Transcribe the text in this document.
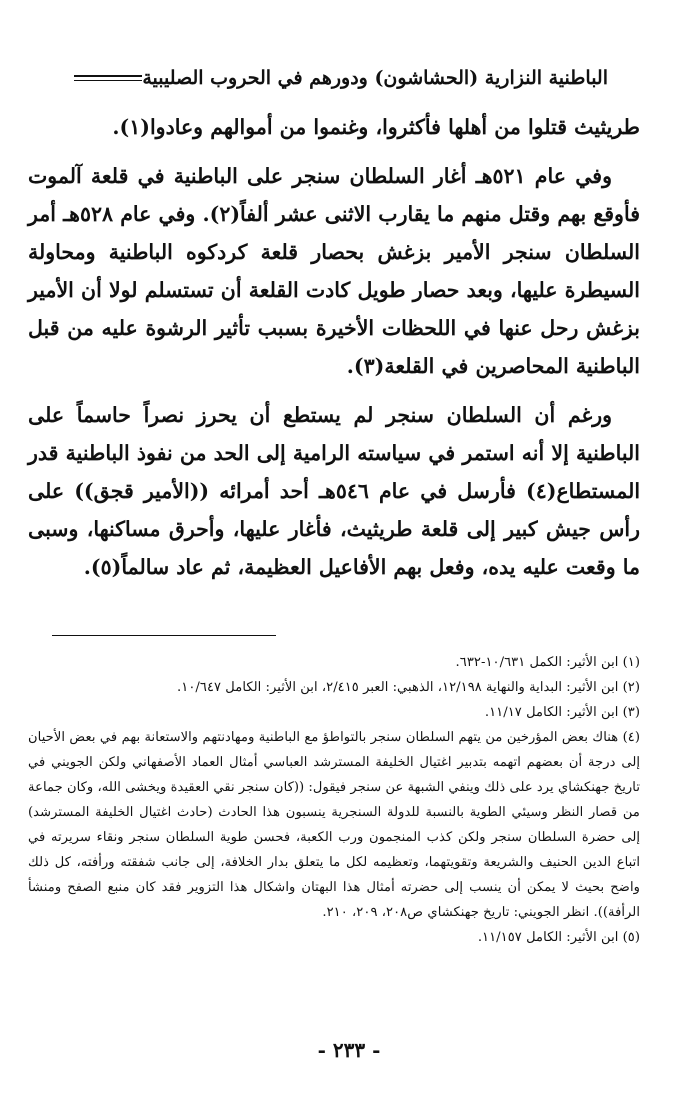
الباطنية النزارية (الحشاشون) ودورهم في الحروب الصليبية

طريثيث قتلوا من أهلها فأكثروا، وغنموا من أموالهم وعادوا(١).

وفي عام ٥٢١هـ أغار السلطان سنجر على الباطنية في قلعة آلموت فأوقع بهم وقتل منهم ما يقارب الاثنى عشر ألفاً(٢). وفي عام ٥٢٨هـ أمر السلطان سنجر الأمير بزغش بحصار قلعة كردكوه الباطنية ومحاولة السيطرة عليها، وبعد حصار طويل كادت القلعة أن تستسلم لولا أن الأمير بزغش رحل عنها في اللحظات الأخيرة بسبب تأثير الرشوة عليه من قبل الباطنية المحاصرين في القلعة(٣).

ورغم أن السلطان سنجر لم يستطع أن يحرز نصراً حاسماً على الباطنية إلا أنه استمر في سياسته الرامية إلى الحد من نفوذ الباطنية قدر المستطاع(٤) فأرسل في عام ٥٤٦هـ أحد أمرائه ((الأمير قجق)) على رأس جيش كبير إلى قلعة طريثيث، فأغار عليها، وأحرق مساكنها، وسبى ما وقعت عليه يده، وفعل بهم الأفاعيل العظيمة، ثم عاد سالماً(٥).

(١) ابن الأثير: الكمل ١٠/٦٣١-٦٣٢.

(٢) ابن الأثير: البداية والنهاية ١٢/١٩٨، الذهبي: العبر ٢/٤١٥، ابن الأثير: الكامل ١٠/٦٤٧.

(٣) ابن الأثير: الكامل ١١/١٧.

(٤) هناك بعض المؤرخين من يتهم السلطان سنجر بالتواطؤ مع الباطنية ومهادنتهم والاستعانة بهم في بعض الأحيان إلى درجة أن بعضهم اتهمه بتدبير اغتيال الخليفة المسترشد العباسي أمثال العماد الأصفهاني ولكن الجويني في تاريخ جهنكشاي يرد على ذلك وينفي الشبهة عن سنجر فيقول: ((كان سنجر نقي العقيدة ويخشى الله، وكان جماعة من قصار النظر وسيئي الطوية بالنسبة للدولة السنجرية ينسبون هذا الحادث (حادث اغتيال الخليفة المسترشد) إلى حضرة السلطان سنجر ولكن كذب المنجمون ورب الكعبة، فحسن طوية السلطان سنجر ونقاء سريرته في اتباع الدين الحنيف والشريعة وتقويتهما، وتعظيمه لكل ما يتعلق بدار الخلافة، إلى جانب شفقته ورأفته، كل ذلك واضح بحيث لا يمكن أن ينسب إلى حضرته أمثال هذا البهتان واشكال هذا التزوير فقد كان منبع الصفح ومنشأ الرأفة)). انظر الجويني: تاريخ جهنكشاي ص٢٠٨، ٢٠٩، ٢١٠.

(٥) ابن الأثير: الكامل ١١/١٥٧.

- ٢٣٣ -
